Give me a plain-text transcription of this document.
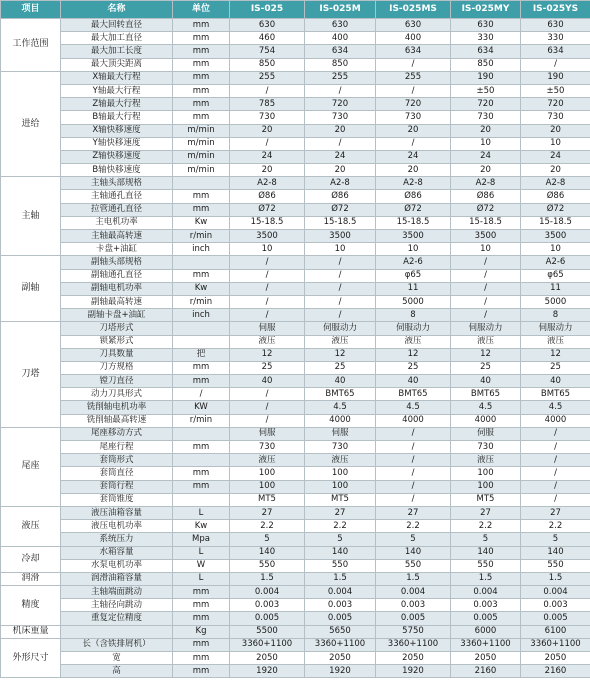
项目	名称	单位	IS-025	IS-025M	IS-025MS	IS-025MY	IS-025YS
工作范围	最大回转直径	mm	630	630	630	630	630
	最大加工直径	mm	460	400	400	330	330
	最大加工长度	mm	754	634	634	634	634
	最大顶尖距离	mm	850	850	/	850	/
进给	X轴最大行程	mm	255	255	255	190	190
	Y轴最大行程	mm	/	/	/	±50	±50
	Z轴最大行程	mm	785	720	720	720	720
	B轴最大行程	mm	730	730	730	730	730
	X轴快移速度	m/min	20	20	20	20	20
	Y轴快移速度	m/min	/	/	/	10	10
	Z轴快移速度	m/min	24	24	24	24	24
	B轴快移速度	m/min	20	20	20	20	20
主轴	主轴头部规格		A2-8	A2-8	A2-8	A2-8	A2-8
	主轴通孔直径	mm	Ø86	Ø86	Ø86	Ø86	Ø86
	拉管通孔直径	mm	Ø72	Ø72	Ø72	Ø72	Ø72
	主电机功率	Kw	15-18.5	15-18.5	15-18.5	15-18.5	15-18.5
	主轴最高转速	r/min	3500	3500	3500	3500	3500
	卡盘+油缸	inch	10	10	10	10	10
副轴	副轴头部规格		/	/	A2-6	/	A2-6
	副轴通孔直径	mm	/	/	φ65	/	φ65
	副轴电机功率	Kw	/	/	11	/	11
	副轴最高转速	r/min	/	/	5000	/	5000
	副轴卡盘+油缸	inch	/	/	8	/	8
刀塔	刀塔形式		伺服	伺服动力	伺服动力	伺服动力	伺服动力
	锁紧形式		液压	液压	液压	液压	液压
	刀具数量	把	12	12	12	12	12
	刀方规格	mm	25	25	25	25	25
	镗刀直径	mm	40	40	40	40	40
	动力刀具形式	/	/	BMT65	BMT65	BMT65	BMT65
	铣削轴电机功率	KW	/	4.5	4.5	4.5	4.5
	铣削轴最高转速	r/min	/	4000	4000	4000	4000
尾座	尾座移动方式		伺服	伺服	/	伺服	/
	尾座行程	mm	730	730	/	730	/
	套筒形式		液压	液压	/	液压	/
	套筒直径	mm	100	100	/	100	/
	套筒行程	mm	100	100	/	100	/
	套筒锥度		MT5	MT5	/	MT5	/
液压	液压油箱容量	L	27	27	27	27	27
	液压电机功率	Kw	2.2	2.2	2.2	2.2	2.2
	系统压力	Mpa	5	5	5	5	5
冷却	水箱容量	L	140	140	140	140	140
	水泵电机功率	W	550	550	550	550	550
润滑	润滑油箱容量	L	1.5	1.5	1.5	1.5	1.5
精度	主轴端面跳动	mm	0.004	0.004	0.004	0.004	0.004
	主轴径向跳动	mm	0.003	0.003	0.003	0.003	0.003
	重复定位精度	mm	0.005	0.005	0.005	0.005	0.005
机床重量		Kg	5500	5650	5750	6000	6100
外形尺寸	长（含铁排屑机）	mm	3360+1100	3360+1100	3360+1100	3360+1100	3360+1100
	宽	mm	2050	2050	2050	2050	2050
	高	mm	1920	1920	1920	2160	2160
